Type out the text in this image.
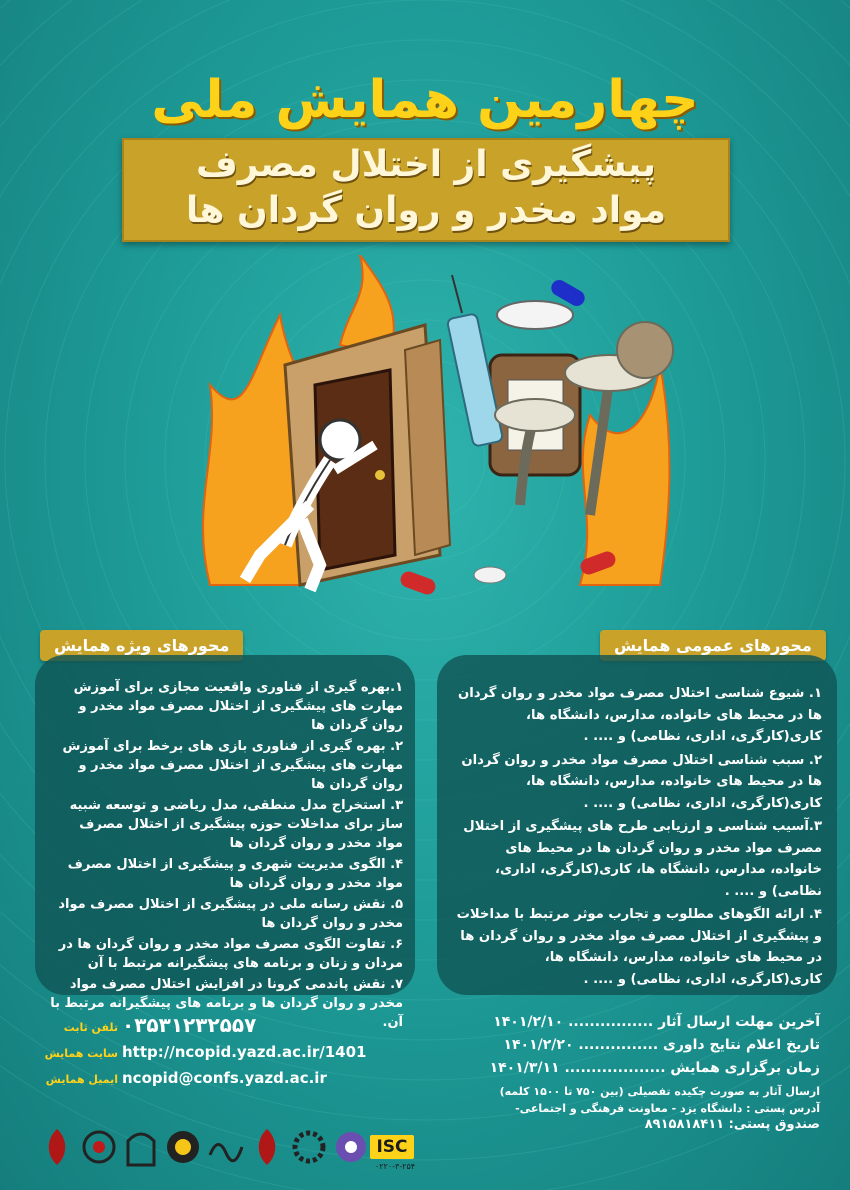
چهارمین همایش ملی
پیشگیری از اختلال مصرف
مواد مخدر و روان گردان ها
محورهای ویژه همایش	محورهای عمومی همایش
۱.بهره گیری از فناوری واقعیت مجازی برای آموزش مهارت های پیشگیری از اختلال مصرف مواد مخدر و روان گردان ها
۲. بهره گیری از فناوری بازی های برخط برای آموزش مهارت های پیشگیری از اختلال مصرف مواد مخدر و روان گردان ها
۳. استخراج مدل منطقی، مدل ریاضی و توسعه شبیه ساز برای مداخلات حوزه پیشگیری از اختلال مصرف مواد مخدر و روان گردان ها
۴. الگوی مدیریت شهری و پیشگیری از اختلال مصرف مواد مخدر و روان گردان ها
۵. نقش رسانه ملی در پیشگیری از اختلال مصرف مواد مخدر و روان گردان ها
۶. تفاوت الگوی مصرف مواد مخدر و روان گردان ها در مردان و زنان و برنامه های پیشگیرانه مرتبط با آن
۷. نقش پاندمی کرونا در افزایش اختلال مصرف مواد مخدر و روان گردان ها و برنامه های پیشگیرانه مرتبط با آن.
۱. شیوع شناسی اختلال مصرف مواد مخدر و روان گردان ها در محیط های خانواده، مدارس، دانشگاه ها، کاری(کارگری، اداری، نظامی) و .... .
۲. سبب شناسی اختلال مصرف مواد مخدر و روان گردان ها در محیط های خانواده، مدارس، دانشگاه ها، کاری(کارگری، اداری، نظامی) و .... .
۳.آسیب شناسی و ارزیابی طرح های پیشگیری از اختلال مصرف مواد مخدر و روان گردان ها در محیط های خانواده، مدارس، دانشگاه ها، کاری(کارگری، اداری، نظامی) و .... .
۴. ارائه الگوهای مطلوب و تجارب موثر مرتبط با مداخلات و پیشگیری از اختلال مصرف مواد مخدر و روان گردان ها در محیط های خانواده، مدارس، دانشگاه ها، کاری(کارگری، اداری، نظامی) و .... .
تلفن ثابت ۰۳۵۳۱۲۳۲۵۵۷
سایت همایش http://ncopid.yazd.ac.ir/1401
ایمیل همایش ncopid@confs.yazd.ac.ir
آخرین مهلت ارسال آثار ................ ۱۴۰۱/۲/۱۰
تاریخ اعلام نتایج داوری ............... ۱۴۰۱/۲/۲۰
زمان برگزاری همایش ................... ۱۴۰۱/۳/۱۱
ارسال آثار به صورت چکیده تفصیلی (بین ۷۵۰ تا ۱۵۰۰ کلمه)
آدرس پستی : دانشگاه یزد - معاونت فرهنگی و اجتماعی-
صندوق پستی: ۸۹۱۵۸۱۸۴۱۱
ISC
۰۲۲۰-۳-۲۵۴
